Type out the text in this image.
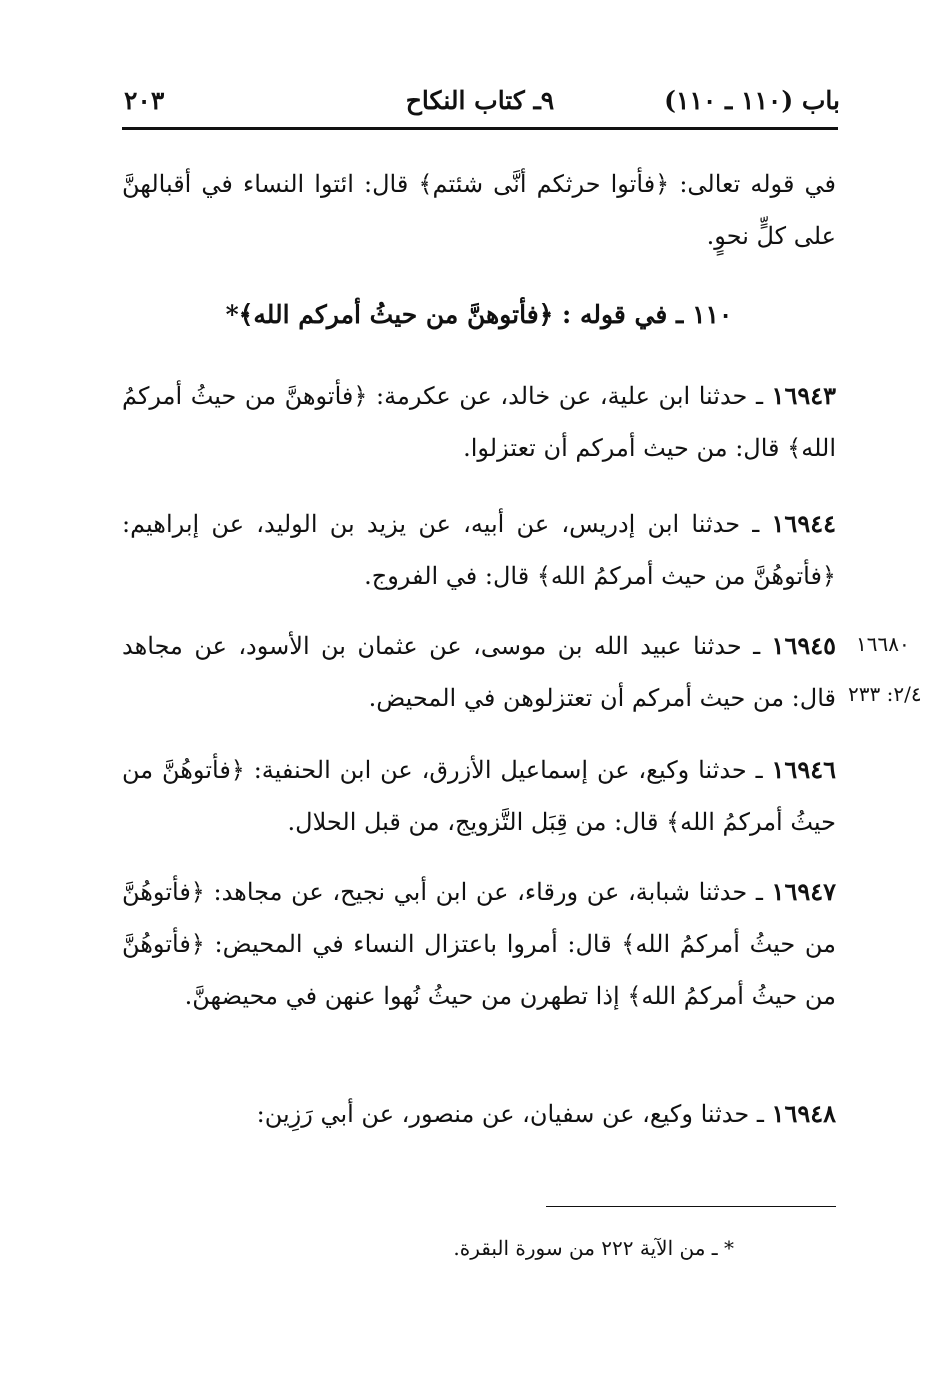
باب (١١٠ ـ ١١٠)
٩ـ كتاب النكاح
٢٠٣
في قوله تعالى: ﴿فأتوا حرثكم أنَّى شئتم﴾ قال: ائتوا النساء في أقبالهنَّ على كلٍّ نحوٍ.
١١٠ ـ في قوله : ﴿فأتوهنَّ من حيثُ أمركم الله﴾*
١٦٩٤٣ ـ حدثنا ابن علية، عن خالد، عن عكرمة: ﴿فأتوهنَّ من حيثُ أمركمُ الله﴾ قال: من حيث أمركم أن تعتزلوا.
١٦٩٤٤ ـ حدثنا ابن إدريس، عن أبيه، عن يزيد بن الوليد، عن إبراهيم: ﴿فأتوهُنَّ من حيث أمركمُ الله﴾ قال: في الفروج.
١٦٩٤٥ ـ حدثنا عبيد الله بن موسى، عن عثمان بن الأسود، عن مجاهد قال: من حيث أمركم أن تعتزلوهن في المحيض.
١٦٦٨٠
٢/٤: ٢٣٣
١٦٩٤٦ ـ حدثنا وكيع، عن إسماعيل الأزرق، عن ابن الحنفية: ﴿فأتوهُنَّ من حيثُ أمركمُ الله﴾ قال: من قِبَل التَّزويج، من قبل الحلال.
١٦٩٤٧ ـ حدثنا شبابة، عن ورقاء، عن ابن أبي نجيح، عن مجاهد: ﴿فأتوهُنَّ من حيثُ أمركمُ الله﴾ قال: أمروا باعتزال النساء في المحيض: ﴿فأتوهُنَّ من حيثُ أمركمُ الله﴾ إذا تطهرن من حيثُ نُهوا عنهن في محيضهنَّ.
١٦٩٤٨ ـ حدثنا وكيع، عن سفيان، عن منصور، عن أبي رَزِين:
* ـ من الآية ٢٢٢ من سورة البقرة.
